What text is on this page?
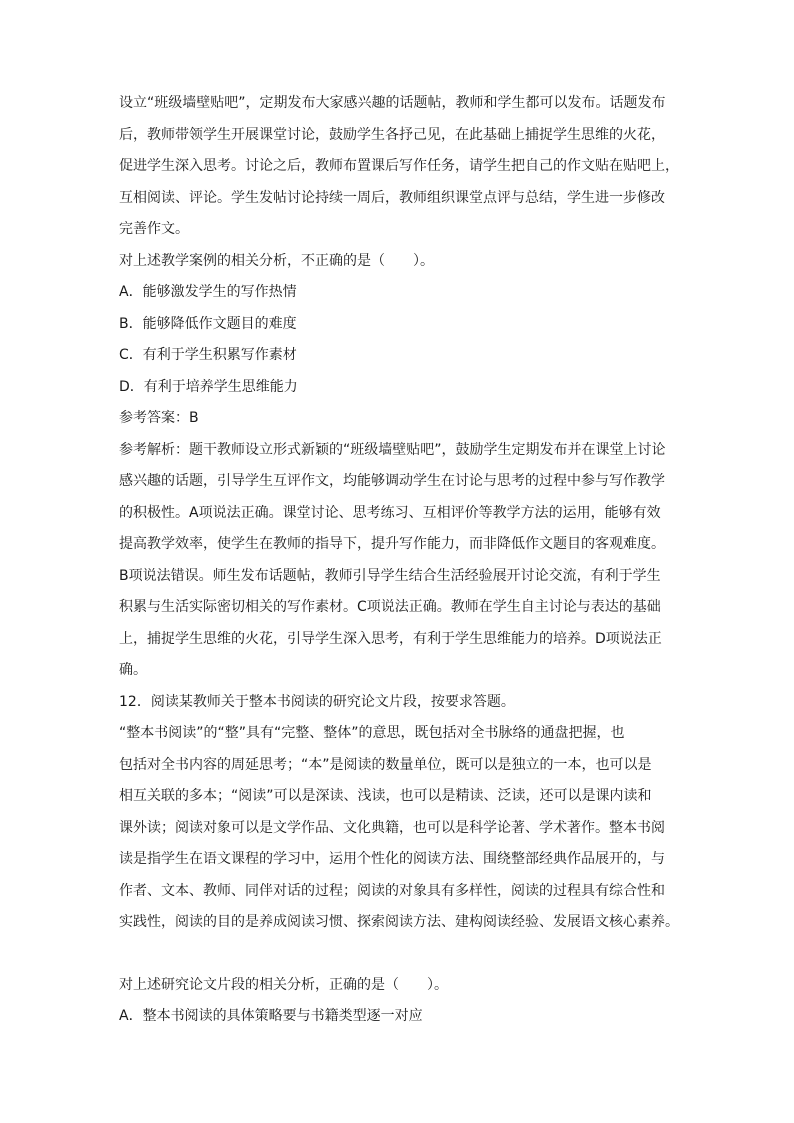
设立“班级墙壁贴吧”，定期发布大家感兴趣的话题帖，教师和学生都可以发布。话题发布
后，教师带领学生开展课堂讨论，鼓励学生各抒己见，在此基础上捕捉学生思维的火花，
促进学生深入思考。讨论之后，教师布置课后写作任务，请学生把自己的作文贴在贴吧上，
互相阅读、评论。学生发帖讨论持续一周后，教师组织课堂点评与总结，学生进一步修改
完善作文。
对上述教学案例的相关分析，不正确的是（　　）。
A．能够激发学生的写作热情
B．能够降低作文题目的难度
C．有利于学生积累写作素材
D．有利于培养学生思维能力
参考答案：B
参考解析：题干教师设立形式新颖的“班级墙壁贴吧”，鼓励学生定期发布并在课堂上讨论
感兴趣的话题，引导学生互评作文，均能够调动学生在讨论与思考的过程中参与写作教学
的积极性。A项说法正确。课堂讨论、思考练习、互相评价等教学方法的运用，能够有效
提高教学效率，使学生在教师的指导下，提升写作能力，而非降低作文题目的客观难度。
B项说法错误。师生发布话题帖，教师引导学生结合生活经验展开讨论交流，有利于学生
积累与生活实际密切相关的写作素材。C项说法正确。教师在学生自主讨论与表达的基础
上，捕捉学生思维的火花，引导学生深入思考，有利于学生思维能力的培养。D项说法正
确。
12．阅读某教师关于整本书阅读的研究论文片段，按要求答题。
“整本书阅读”的“整”具有“完整、整体”的意思，既包括对全书脉络的通盘把握，也
包括对全书内容的周延思考；“本”是阅读的数量单位，既可以是独立的一本，也可以是
相互关联的多本；“阅读”可以是深读、浅读，也可以是精读、泛读，还可以是课内读和
课外读；阅读对象可以是文学作品、文化典籍，也可以是科学论著、学术著作。整本书阅
读是指学生在语文课程的学习中，运用个性化的阅读方法、围绕整部经典作品展开的，与
作者、文本、教师、同伴对话的过程；阅读的对象具有多样性，阅读的过程具有综合性和
实践性，阅读的目的是养成阅读习惯、探索阅读方法、建构阅读经验、发展语文核心素养。
对上述研究论文片段的相关分析，正确的是（　　）。
A．整本书阅读的具体策略要与书籍类型逐一对应
